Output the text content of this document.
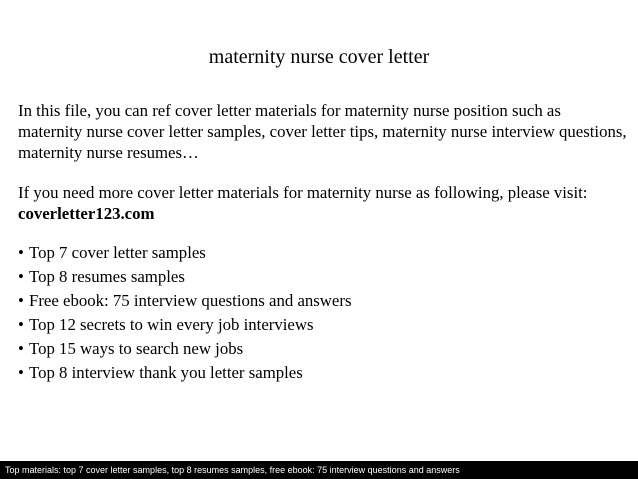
maternity nurse cover letter
In this file, you can ref cover letter materials for maternity nurse position such as maternity nurse cover letter samples, cover letter tips, maternity nurse interview questions, maternity nurse resumes…
If you need more cover letter materials for maternity nurse as following, please visit:
coverletter123.com
• Top 7 cover letter samples
• Top 8 resumes samples
• Free ebook: 75 interview questions and answers
• Top 12 secrets to win every job interviews
• Top 15 ways to search new jobs
• Top 8 interview thank you letter samples
Top materials: top 7 cover letter samples, top 8 resumes samples, free ebook: 75 interview questions and answers
